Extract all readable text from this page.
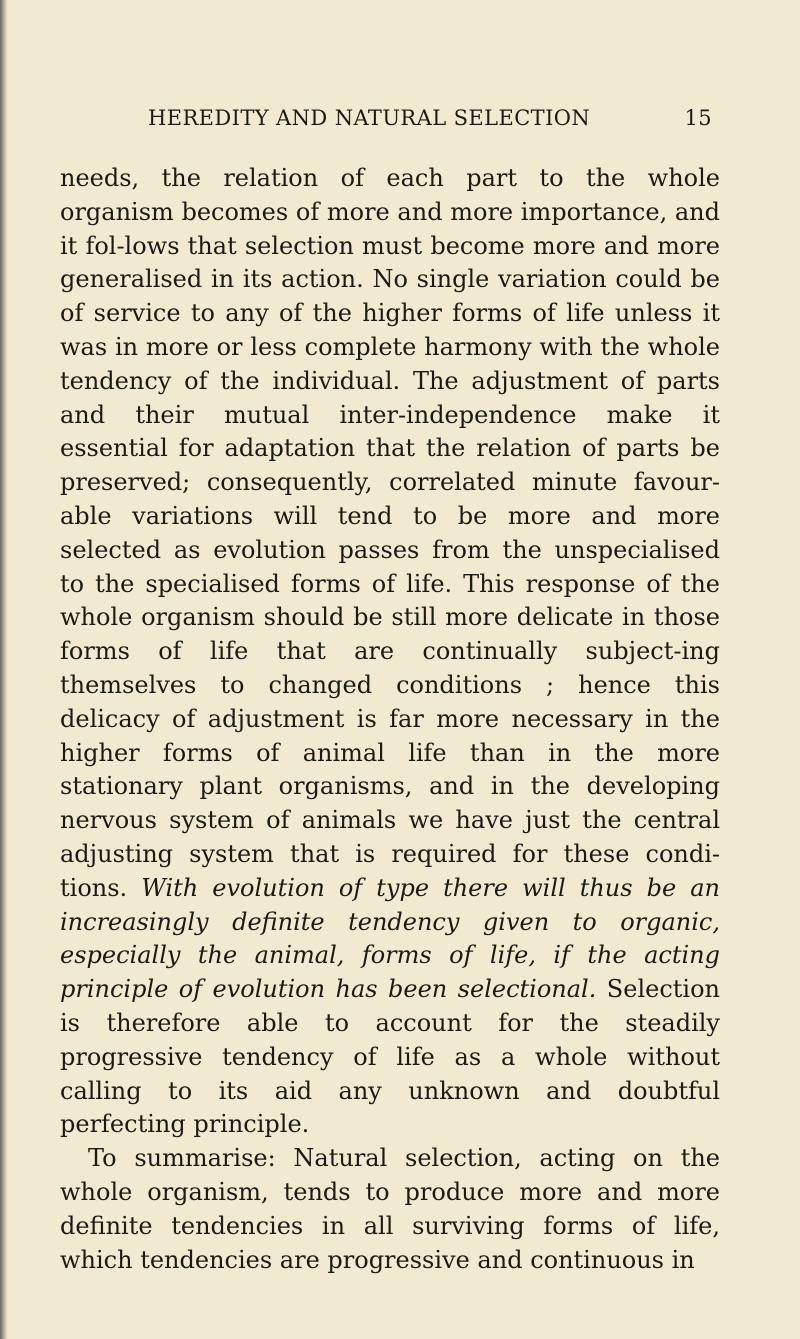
HEREDITY AND NATURAL SELECTION	15

needs, the relation of each part to the whole organism becomes of more and more importance, and it fol-lows that selection must become more and more generalised in its action. No single variation could be of service to any of the higher forms of life unless it was in more or less complete harmony with the whole tendency of the individual. The adjustment of parts and their mutual inter-independence make it essential for adaptation that the relation of parts be preserved; consequently, correlated minute favour-able variations will tend to be more and more selected as evolution passes from the unspecialised to the specialised forms of life. This response of the whole organism should be still more delicate in those forms of life that are continually subject-ing themselves to changed conditions ; hence this delicacy of adjustment is far more necessary in the higher forms of animal life than in the more stationary plant organisms, and in the developing nervous system of animals we have just the central adjusting system that is required for these condi-tions. With evolution of type there will thus be an increasingly definite tendency given to organic, especially the animal, forms of life, if the acting principle of evolution has been selectional. Selection is therefore able to account for the steadily progressive tendency of life as a whole without calling to its aid any unknown and doubtful perfecting principle.

To summarise: Natural selection, acting on the whole organism, tends to produce more and more definite tendencies in all surviving forms of life, which tendencies are progressive and continuous in
